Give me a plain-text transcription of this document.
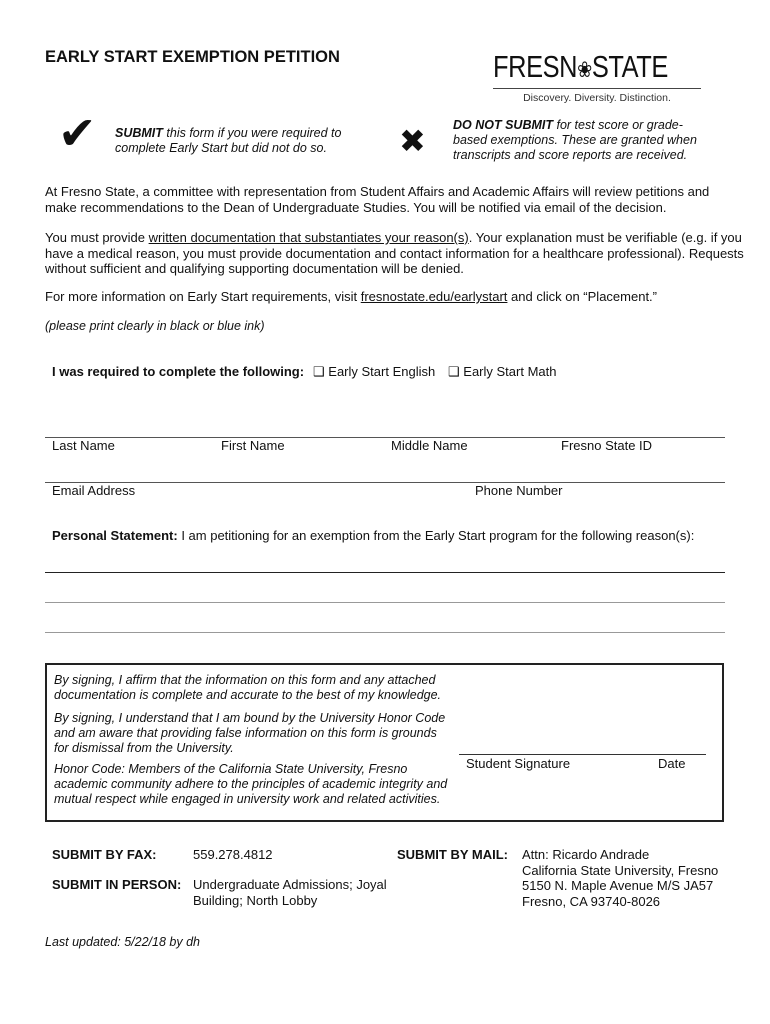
EARLY START EXEMPTION PETITION	FRESN❀STATE
Discovery. Diversity. Distinction.
✔ SUBMIT this form if you were required to
complete Early Start but did not do so.	✖ DO NOT SUBMIT for test score or grade-
based exemptions. These are granted when
transcripts and score reports are received.
At Fresno State, a committee with representation from Student Affairs and Academic Affairs will review petitions and
make recommendations to the Dean of Undergraduate Studies. You will be notified via email of the decision.
You must provide written documentation that substantiates your reason(s). Your explanation must be verifiable (e.g. if you
have a medical reason, you must provide documentation and contact information for a healthcare professional). Requests
without sufficient and qualifying supporting documentation will be denied.
For more information on Early Start requirements, visit fresnostate.edu/earlystart and click on “Placement.”
(please print clearly in black or blue ink)
I was required to complete the following: ❑ Early Start English ❑ Early Start Math
Last Name	First Name	Middle Name	Fresno State ID
Email Address	Phone Number
Personal Statement: I am petitioning for an exemption from the Early Start program for the following reason(s):
By signing, I affirm that the information on this form and any attached
documentation is complete and accurate to the best of my knowledge.
By signing, I understand that I am bound by the University Honor Code
and am aware that providing false information on this form is grounds
for dismissal from the University.
Honor Code: Members of the California State University, Fresno
academic community adhere to the principles of academic integrity and
mutual respect while engaged in university work and related activities.
Student Signature	Date
SUBMIT BY FAX:	559.278.4812
SUBMIT IN PERSON: Undergraduate Admissions; Joyal
Building; North Lobby
SUBMIT BY MAIL: Attn: Ricardo Andrade
California State University, Fresno
5150 N. Maple Avenue M/S JA57
Fresno, CA 93740-8026
Last updated: 5/22/18 by dh
